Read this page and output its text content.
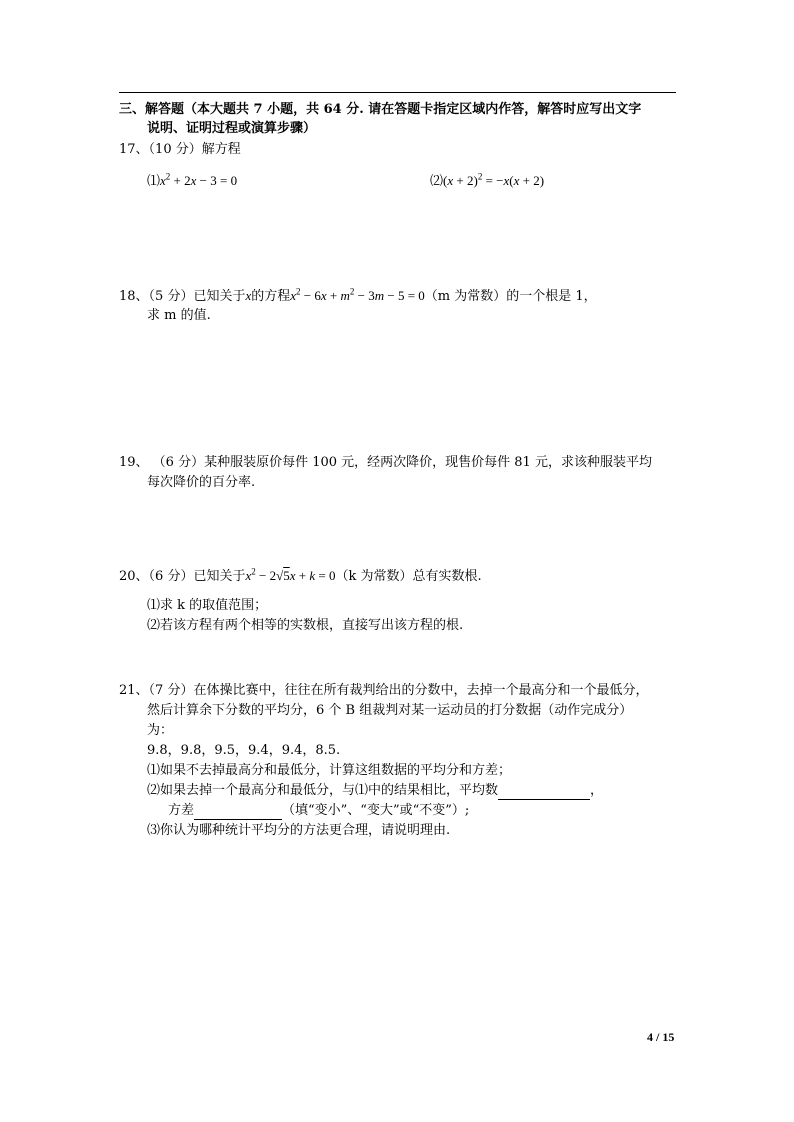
三、解答题（本大题共 7 小题，共 64 分. 请在答题卡指定区域内作答，解答时应写出文字
说明、证明过程或演算步骤）
17、（10 分）解方程
$⑴x^2 + 2x - 3 = 0$	⑵(x + 2)$^2$ = −x(x + 2)
18、（5 分）已知关于x的方程$x^2 - 6x + m^2 - 3m - 5 = 0(m$ 为常数）的一个根是 1，
求 m 的值.
19、 （6 分）某种服装原价每件 100 元，经两次降价，现售价每件 81 元，求该种服装平均
每次降价的百分率.
20、（6 分）已知关于$x^2 - 2√5x + k = 0(k$ 为常数）总有实数根.
⑴求 k 的取值范围；
⑵若该方程有两个相等的实数根，直接写出该方程的根.
21、（7 分）在体操比赛中，往往在所有裁判给出的分数中，去掉一个最高分和一个最低分，
然后计算余下分数的平均分，6 个 B 组裁判对某一运动员的打分数据（动作完成分）
为：
9.8，9.8，9.5，9.4，9.4，8.5.
⑴如果不去掉最高分和最低分，计算这组数据的平均分和方差；
⑵如果去掉一个最高分和最低分，与⑴中的结果相比，平均数	，
方差	（填“变小”、“变大”或“不变”）;
⑶你认为哪种统计平均分的方法更合理，请说明理由.
4 / 15
